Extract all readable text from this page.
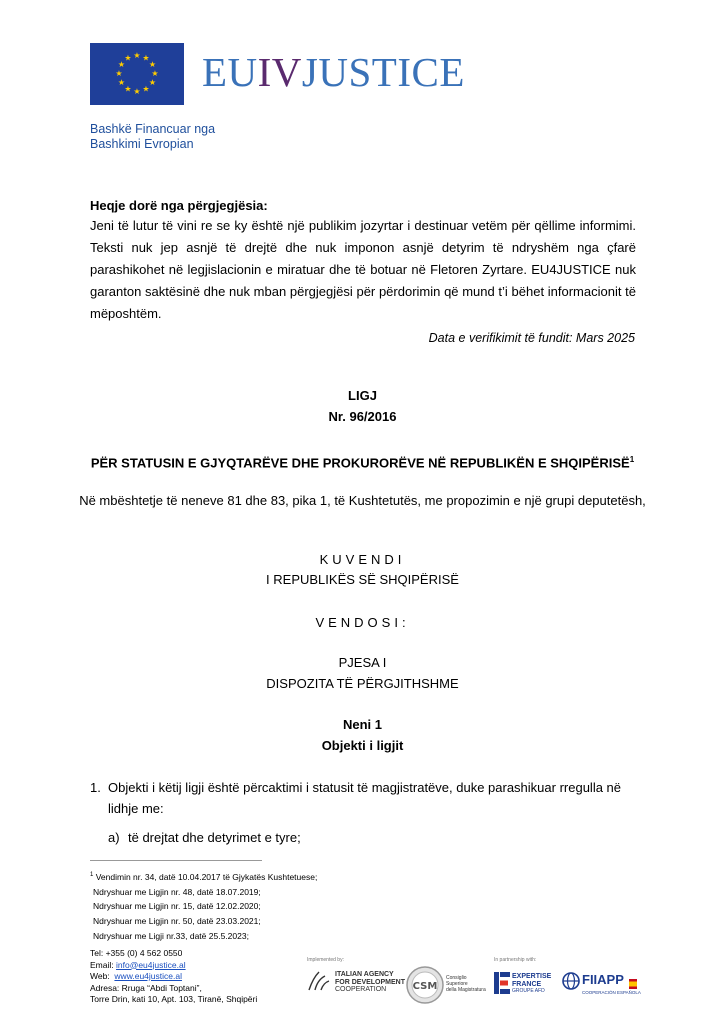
★ ★
★
★
★
★
★
★
★
★
★
★ EUIVJUSTICE
Bashkë Financuar nga
Bashkimi Evropian
Heqje dorë nga përgjegjësia:
Jeni të lutur të vini re se ky është një publikim jozyrtar i destinuar vetëm për qëllime informimi. Teksti nuk jep asnjë të drejtë dhe nuk imponon asnjë detyrim të ndryshëm nga çfarë parashikohet në legjislacionin e miratuar dhe të botuar në Fletoren Zyrtare. EU4JUSTICE nuk garanton saktësinë dhe nuk mban përgjegjësi për përdorimin që mund t’i bëhet informacionit të mëposhtëm.
Data e verifikimit të fundit: Mars 2025
LIGJ
Nr. 96/2016
PËR STATUSIN E GJYQTARËVE DHE PROKURORËVE NË REPUBLIKËN E SHQIPËRISË$^1$
Në mbështetje të neneve 81 dhe 83, pika 1, të Kushtetutës, me propozimin e një grupi deputetësh,
KUVENDI
I REPUBLIKËS SË SHQIPËRISË
VENDOSI:
PJESA I
DISPOZITA TË PËRGJITHSHME
Neni 1
Objekti i ligjit
1. Objekti i këtij ligji është përcaktimi i statusit të magjistratëve, duke parashikuar rregulla në lidhje me:
a) të drejtat dhe detyrimet e tyre;
$^1$ Vendimin nr. 34, datë 10.04.2017 të Gjykatës Kushtetuese;
Ndryshuar me Ligjin nr. 48, datë 18.07.2019;
Ndryshuar me Ligjin nr. 15, datë 12.02.2020;
Ndryshuar me Ligjin nr. 50, datë 23.03.2021;
Ndryshuar me Ligji nr.33, datë 25.5.2023;
Tel: +355 (0) 4 562 0550
Email: info@eu4justice.al
Web: www.eu4justice.al
Adresa: Rruga “Abdi Toptani”,
Torre Drin, kati 10, Apt. 103, Tiranë, Shqipëri
Implemented by:
ITALIAN AGENCY
FOR DEVELOPMENT
COOPERATION	CSM
Consiglio
Superiore
della Magistratura
In partnership with:
EXPERTISE
FRANCE
GROUPE AFD
FIIAPP
COOPERACIÓN ESPAÑOLA
